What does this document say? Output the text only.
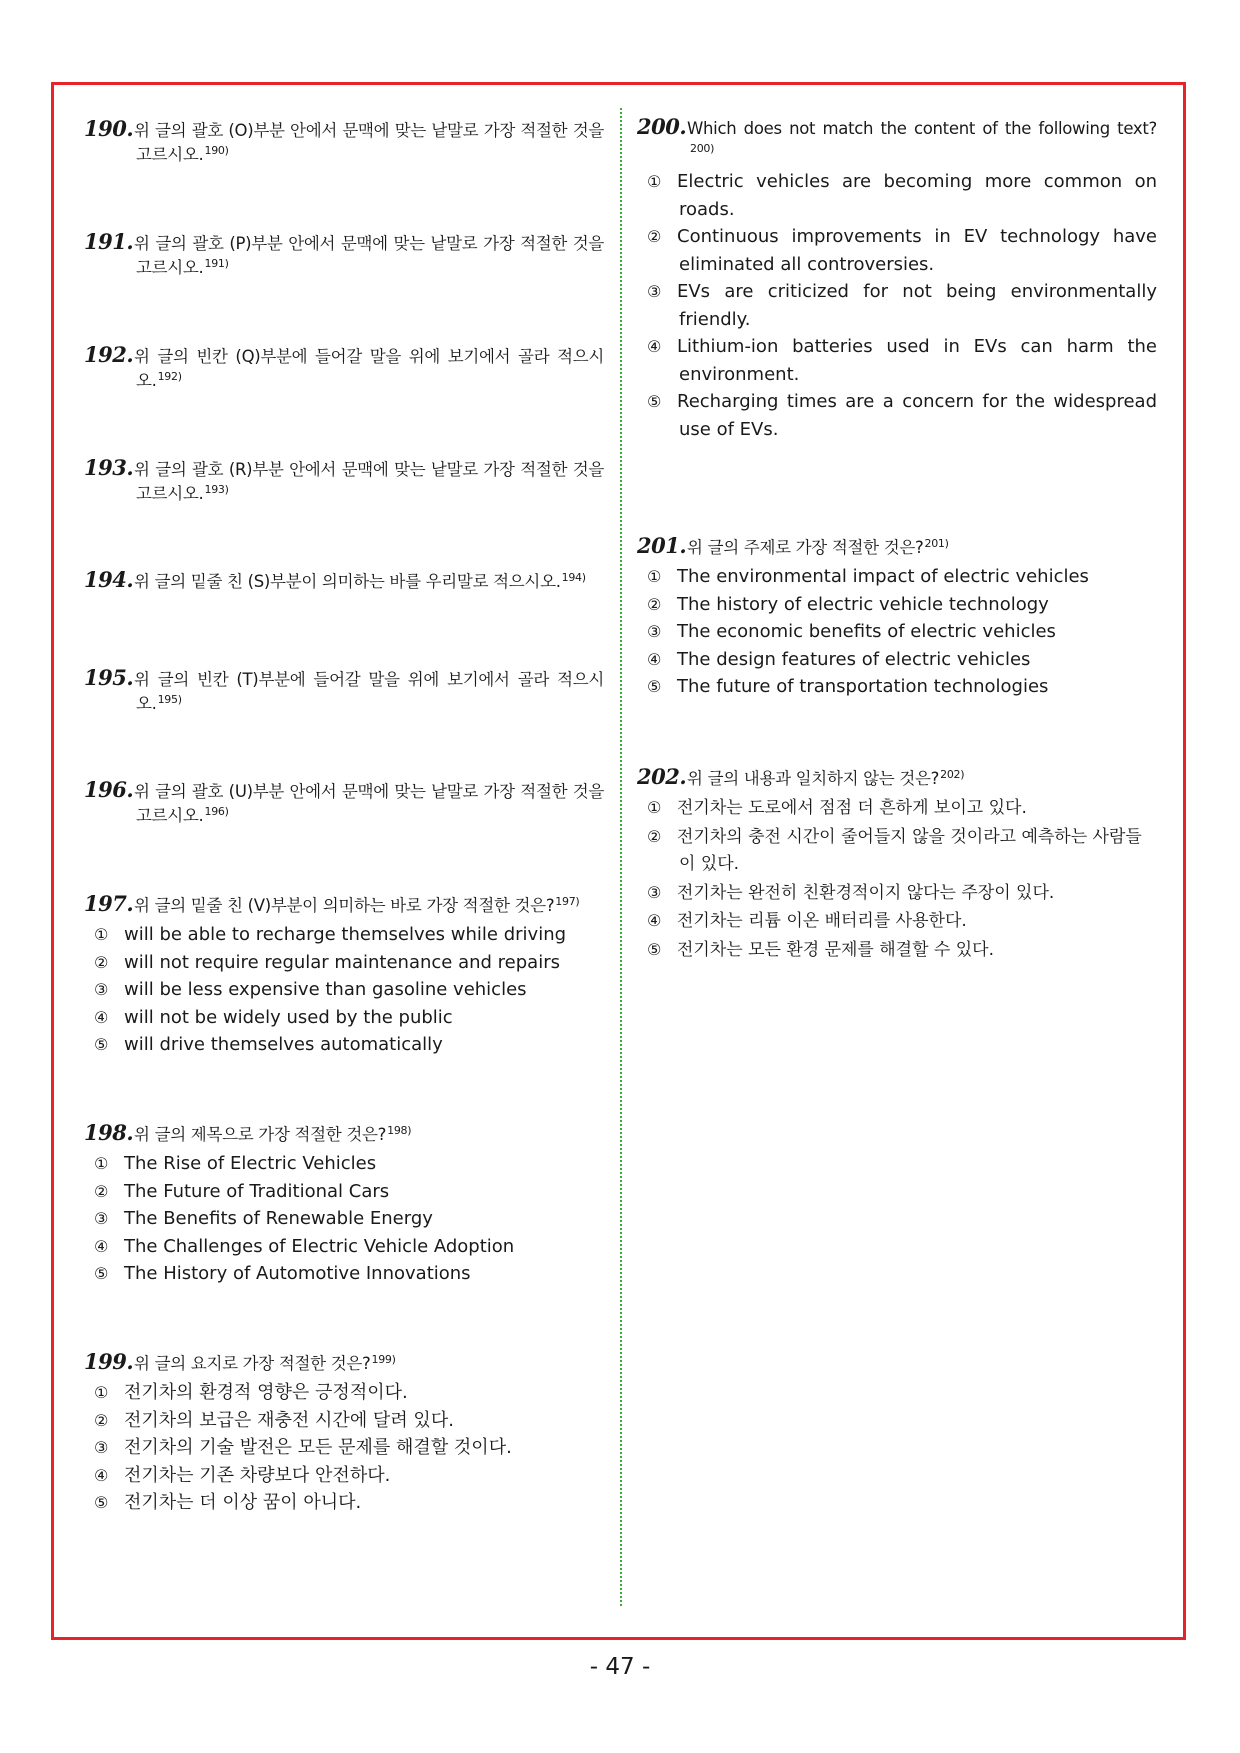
190.위 글의 괄호 (O)부분 안에서 문맥에 맞는 낱말로 가장 적절한 것을 고르시오.$^{190)}$
191.위 글의 괄호 (P)부분 안에서 문맥에 맞는 낱말로 가장 적절한 것을 고르시오.$^{191)}$
192.위 글의 빈칸 (Q)부분에 들어갈 말을 위에 보기에서 골라 적으시오.$^{192)}$
193.위 글의 괄호 (R)부분 안에서 문맥에 맞는 낱말로 가장 적절한 것을 고르시오.$^{193)}$
194.위 글의 밑줄 친 (S)부분이 의미하는 바를 우리말로 적으시오.$^{194)}$
195.위 글의 빈칸 (T)부분에 들어갈 말을 위에 보기에서 골라 적으시오.$^{195)}$
196.위 글의 괄호 (U)부분 안에서 문맥에 맞는 낱말로 가장 적절한 것을 고르시오.$^{196)}$
197.위 글의 밑줄 친 (V)부분이 의미하는 바로 가장 적절한 것은?$^{197)}$
① will be able to recharge themselves while driving
② will not require regular maintenance and repairs
③ will be less expensive than gasoline vehicles
④ will not be widely used by the public
⑤ will drive themselves automatically
198.위 글의 제목으로 가장 적절한 것은?$^{198)}$
① The Rise of Electric Vehicles
② The Future of Traditional Cars
③ The Benefits of Renewable Energy
④ The Challenges of Electric Vehicle Adoption
⑤ The History of Automotive Innovations
199.위 글의 요지로 가장 적절한 것은?$^{199)}$
① 전기차의 환경적 영향은 긍정적이다.
② 전기차의 보급은 재충전 시간에 달려 있다.
③ 전기차의 기술 발전은 모든 문제를 해결할 것이다.
④ 전기차는 기존 차량보다 안전하다.
⑤ 전기차는 더 이상 꿈이 아니다.
200.Which does not match the content of the following text?$^{200)}$
① Electric vehicles are becoming more common on roads.
② Continuous improvements in EV technology have eliminated all controversies.
③ EVs are criticized for not being environmentally friendly.
④ Lithium-ion batteries used in EVs can harm the environment.
⑤ Recharging times are a concern for the widespread use of EVs.
201.위 글의 주제로 가장 적절한 것은?$^{201)}$
① The environmental impact of electric vehicles
② The history of electric vehicle technology
③ The economic benefits of electric vehicles
④ The design features of electric vehicles
⑤ The future of transportation technologies
202.위 글의 내용과 일치하지 않는 것은?$^{202)}$
① 전기차는 도로에서 점점 더 흔하게 보이고 있다.
② 전기차의 충전 시간이 줄어들지 않을 것이라고 예측하는 사람들이 있다.
③ 전기차는 완전히 친환경적이지 않다는 주장이 있다.
④ 전기차는 리튬 이온 배터리를 사용한다.
⑤ 전기차는 모든 환경 문제를 해결할 수 있다.
- 47 -
